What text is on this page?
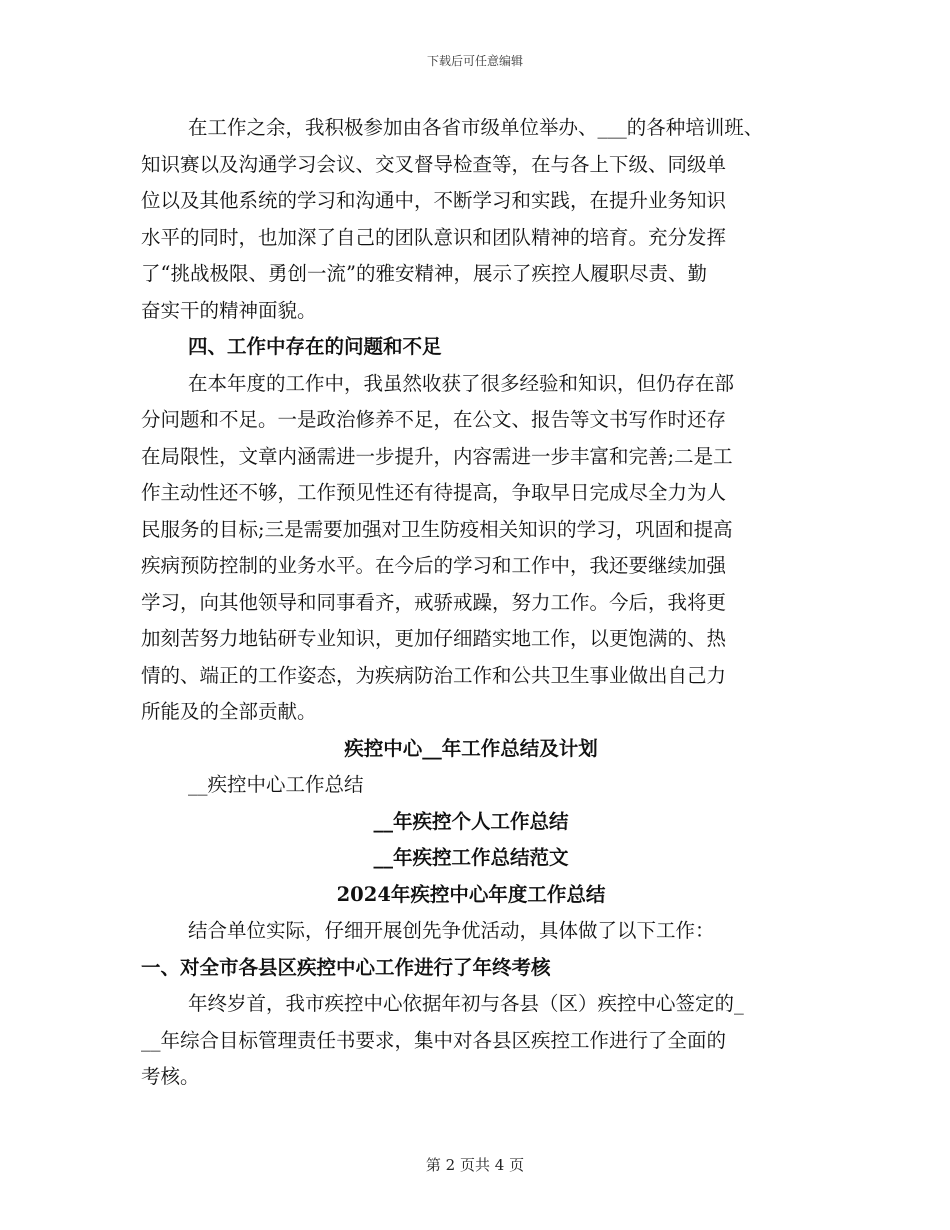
下载后可任意编辑
在工作之余，我积极参加由各省市级单位举办、___的各种培训班、
知识赛以及沟通学习会议、交叉督导检查等，在与各上下级、同级单
位以及其他系统的学习和沟通中，不断学习和实践，在提升业务知识
水平的同时，也加深了自己的团队意识和团队精神的培育。充分发挥
了“挑战极限、勇创一流”的雅安精神，展示了疾控人履职尽责、勤
奋实干的精神面貌。
四、工作中存在的问题和不足
在本年度的工作中，我虽然收获了很多经验和知识，但仍存在部
分问题和不足。一是政治修养不足，在公文、报告等文书写作时还存
在局限性，文章内涵需进一步提升，内容需进一步丰富和完善;二是工
作主动性还不够，工作预见性还有待提高，争取早日完成尽全力为人
民服务的目标;三是需要加强对卫生防疫相关知识的学习，巩固和提高
疾病预防控制的业务水平。在今后的学习和工作中，我还要继续加强
学习，向其他领导和同事看齐，戒骄戒躁，努力工作。今后，我将更
加刻苦努力地钻研专业知识，更加仔细踏实地工作，以更饱满的、热
情的、端正的工作姿态，为疾病防治工作和公共卫生事业做出自己力
所能及的全部贡献。
疾控中心__年工作总结及计划
__疾控中心工作总结
__年疾控个人工作总结
__年疾控工作总结范文
2024年疾控中心年度工作总结
结合单位实际，仔细开展创先争优活动，具体做了以下工作：
一、对全市各县区疾控中心工作进行了年终考核
年终岁首，我市疾控中心依据年初与各县（区）疾控中心签定的_
__年综合目标管理责任书要求，集中对各县区疾控工作进行了全面的
考核。
第 2 页共 4 页
